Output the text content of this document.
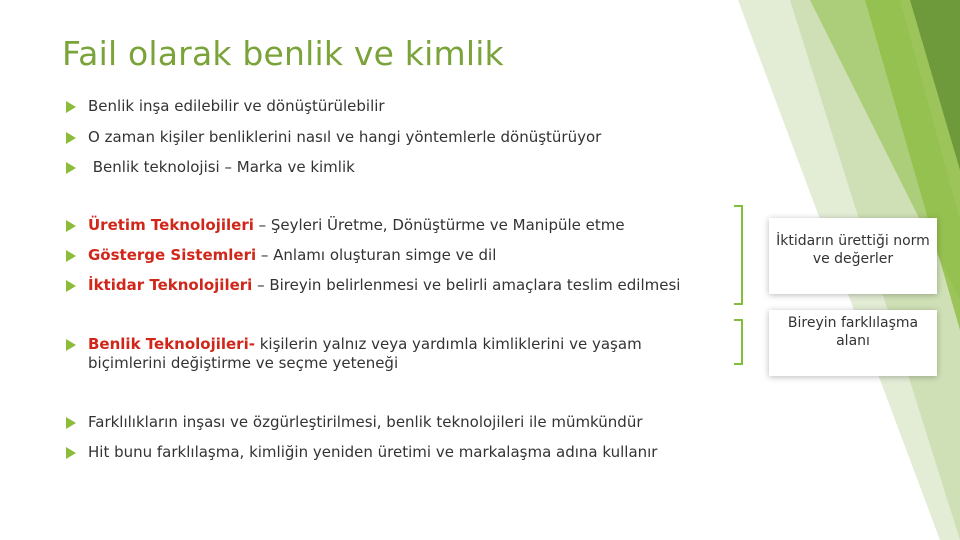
Fail olarak benlik ve kimlik
Benlik inşa edilebilir ve dönüştürülebilir
O zaman kişiler benliklerini nasıl ve hangi yöntemlerle dönüştürüyor
Benlik teknolojisi – Marka ve kimlik
Üretim Teknolojileri – Şeyleri Üretme, Dönüştürme ve Manipüle etme
Gösterge Sistemleri – Anlamı oluşturan simge ve dil
İktidar Teknolojileri – Bireyin belirlenmesi ve belirli amaçlara teslim edilmesi
Benlik Teknolojileri- kişilerin yalnız veya yardımla kimliklerini ve yaşam biçimlerini değiştirme ve seçme yeteneği
Farklılıkların inşası ve özgürleştirilmesi, benlik teknolojileri ile mümkündür
Hit bunu farklılaşma, kimliğin yeniden üretimi ve markalaşma adına kullanır
İktidarın ürettiği norm ve değerler
Bireyin farklılaşma alanı
